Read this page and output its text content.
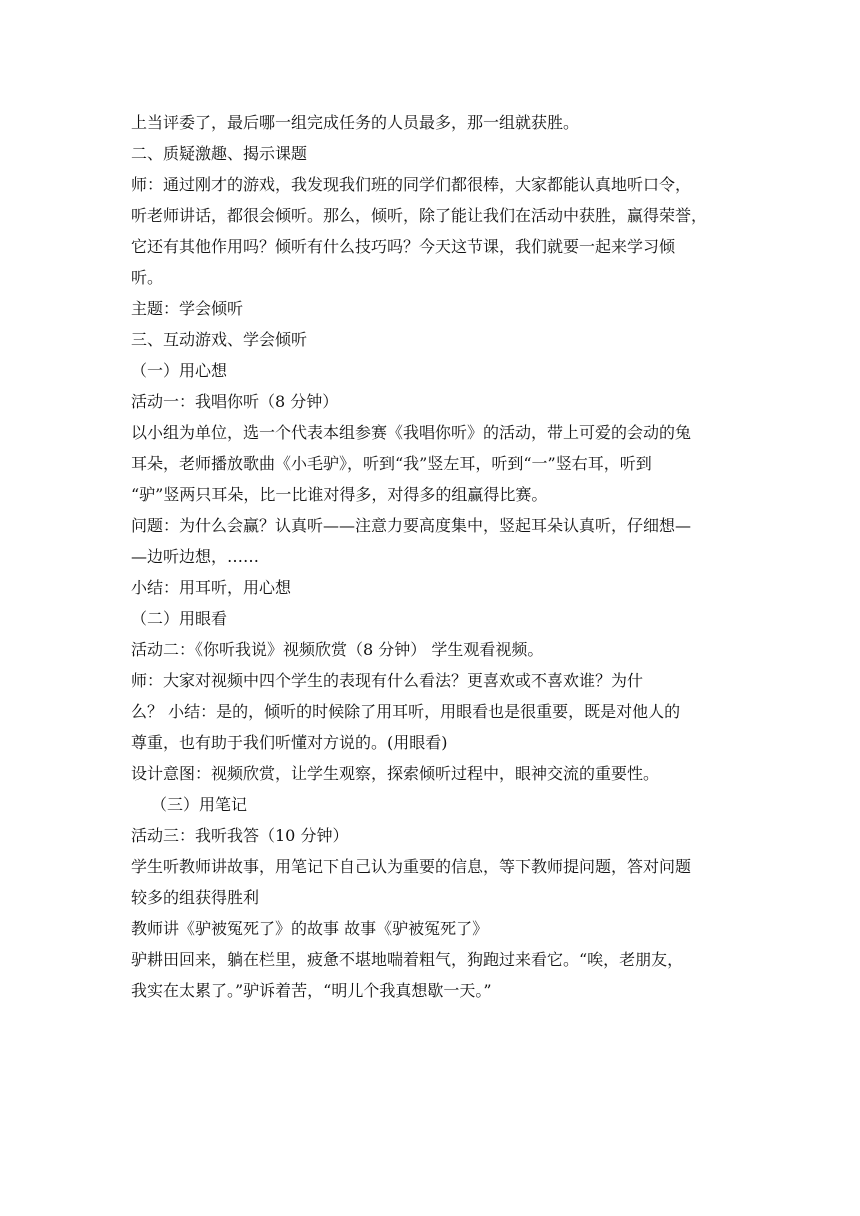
上当评委了，最后哪一组完成任务的人员最多，那一组就获胜。
二、质疑激趣、揭示课题
师：通过刚才的游戏，我发现我们班的同学们都很棒，大家都能认真地听口令，
听老师讲话，都很会倾听。那么，倾听，除了能让我们在活动中获胜，赢得荣誉，
它还有其他作用吗？倾听有什么技巧吗？今天这节课，我们就要一起来学习倾
听。
主题：学会倾听
三、互动游戏、学会倾听
（一）用心想
活动一：我唱你听（8 分钟）
以小组为单位，选一个代表本组参赛《我唱你听》的活动，带上可爱的会动的兔
耳朵，老师播放歌曲《小毛驴》，听到“我”竖左耳，听到“一”竖右耳，听到
“驴”竖两只耳朵，比一比谁对得多，对得多的组赢得比赛。
问题：为什么会赢？认真听——注意力要高度集中，竖起耳朵认真听，仔细想—
—边听边想，……
小结：用耳听，用心想
（二）用眼看
活动二：《你听我说》视频欣赏（8 分钟） 学生观看视频。
师：大家对视频中四个学生的表现有什么看法？更喜欢或不喜欢谁？为什
么？ 小结：是的，倾听的时候除了用耳听，用眼看也是很重要，既是对他人的
尊重，也有助于我们听懂对方说的。(用眼看)
设计意图：视频欣赏，让学生观察，探索倾听过程中，眼神交流的重要性。
（三）用笔记
活动三：我听我答（10 分钟）
学生听教师讲故事，用笔记下自己认为重要的信息，等下教师提问题，答对问题
较多的组获得胜利
教师讲《驴被冤死了》的故事 故事《驴被冤死了》
驴耕田回来，躺在栏里，疲惫不堪地喘着粗气，狗跑过来看它。“唉，老朋友，
我实在太累了。”驴诉着苦，“明儿个我真想歇一天。”
